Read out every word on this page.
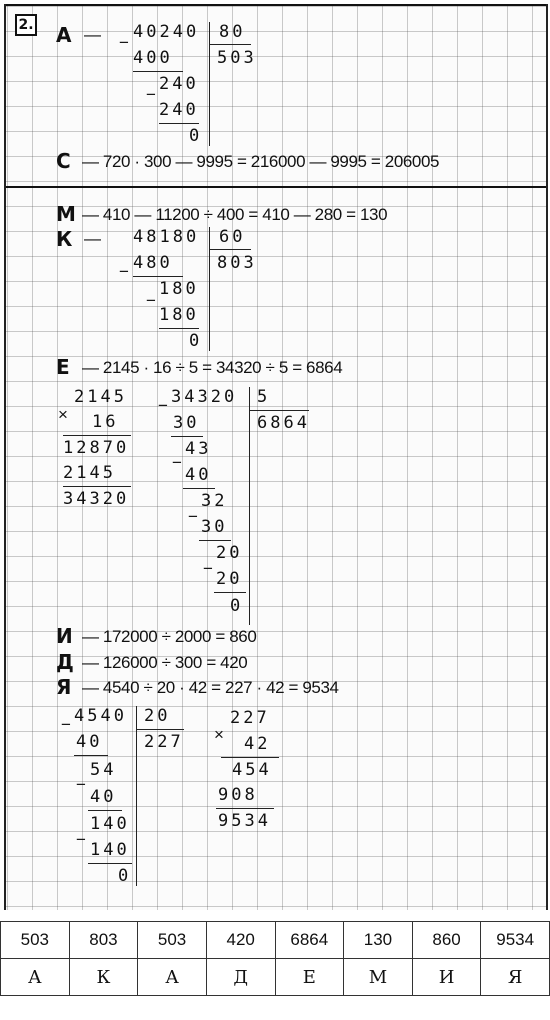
2. А — −
40240 80
503
400
−
240
240
0
С — 720 · 300 — 9995 = 216000 — 9995 = 206005
М — 410 — 11200 ÷ 400 = 410 — 280 = 130
К —
−
48180 60
803
480
−
180
180
0
Е — 2145 · 16 ÷ 5 = 34320 ÷ 5 = 6864
×
2145
16
12870
2145
34320
− 34320 5
6864
30
−
43
40
−
32
30
−
20
20
0
И — 172000 ÷ 2000 = 860
Д — 126000 ÷ 300 = 420
Я — 4540 ÷ 20 · 42 = 227 · 42 = 9534
− 4540 20
227
40
−
54
40
−
140
140
0
×
227
42
454
908
9534
503	803	503	420	6864	130	860	9534
А	К	А	Д	Е	М	И	Я
